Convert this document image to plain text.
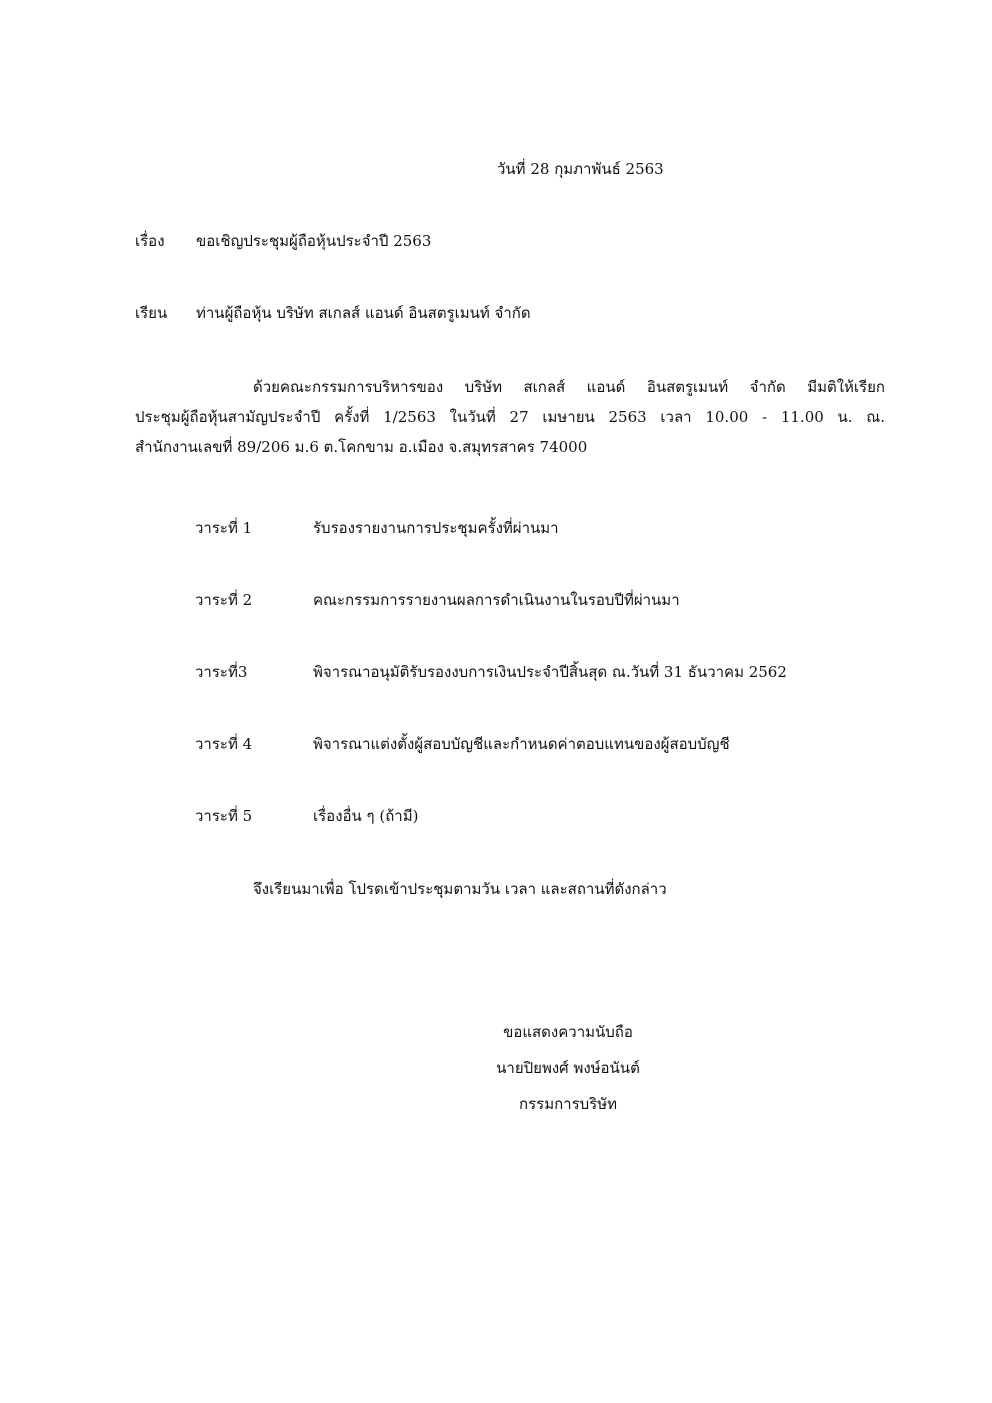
วันที่ 28 กุมภาพันธ์ 2563
เรื่อง ขอเชิญประชุมผู้ถือหุ้นประจำปี 2563
เรียน ท่านผู้ถือหุ้น บริษัท สเกลส์ แอนด์ อินสตรูเมนท์ จำกัด
ด้วยคณะกรรมการบริหารของ บริษัท สเกลส์ แอนด์ อินสตรูเมนท์ จำกัด มีมติให้เรียก
ประชุมผู้ถือหุ้นสามัญประจำปี ครั้งที่ 1/2563 ในวันที่ 27 เมษายน 2563 เวลา 10.00 - 11.00 น. ณ.
สำนักงานเลขที่ 89/206 ม.6 ต.โคกขาม อ.เมือง จ.สมุทรสาคร 74000
วาระที่ 1	รับรองรายงานการประชุมครั้งที่ผ่านมา
วาระที่ 2	คณะกรรมการรายงานผลการดำเนินงานในรอบปีที่ผ่านมา
วาระที่3	พิจารณาอนุมัติรับรองงบการเงินประจำปีสิ้นสุด ณ.วันที่ 31 ธันวาคม 2562
วาระที่ 4	พิจารณาแต่งตั้งผู้สอบบัญชีและกำหนดค่าตอบแทนของผู้สอบบัญชี
วาระที่ 5	เรื่องอื่น ๆ (ถ้ามี)
จึงเรียนมาเพื่อ โปรดเข้าประชุมตามวัน เวลา และสถานที่ดังกล่าว
ขอแสดงความนับถือ
นายปิยพงศ์ พงษ์อนันต์
กรรมการบริษัท
